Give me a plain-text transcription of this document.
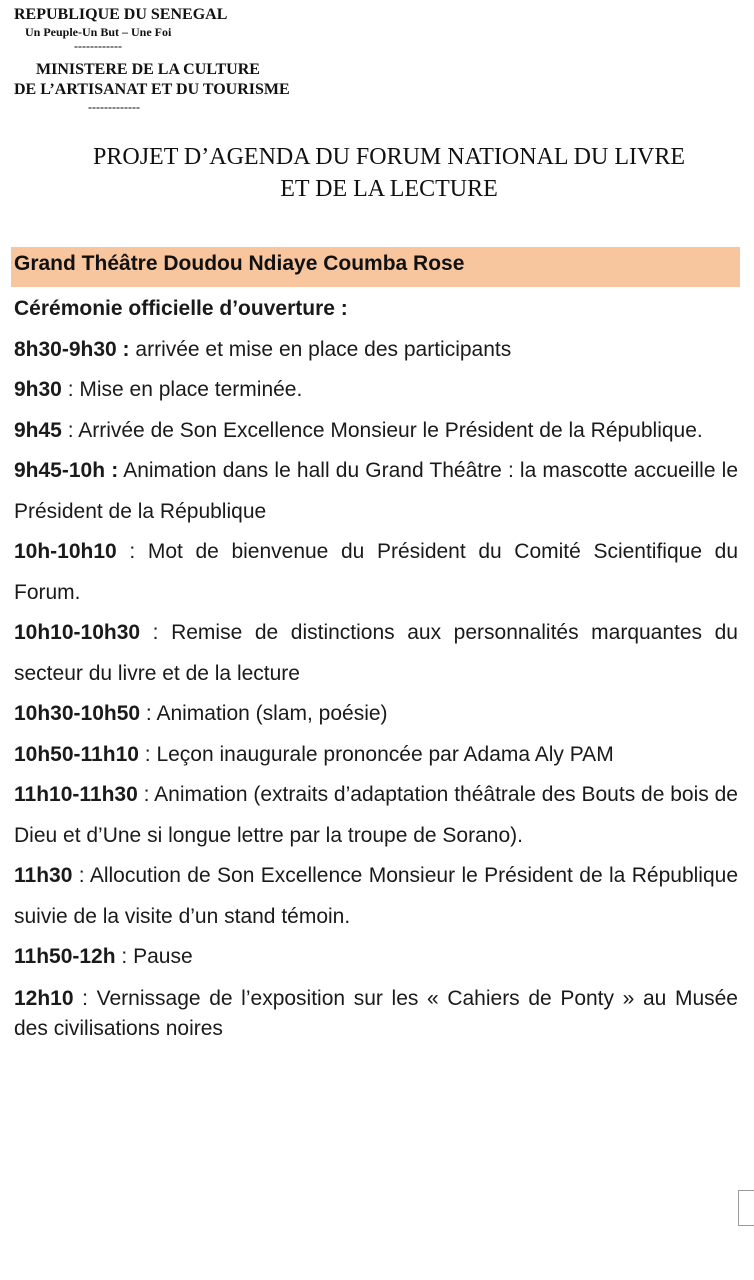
REPUBLIQUE DU SENEGAL
Un Peuple-Un But – Une Foi
------------
MINISTERE DE LA CULTURE
DE L’ARTISANAT ET DU TOURISME
-------------
PROJET D’AGENDA DU FORUM NATIONAL DU LIVRE
ET DE LA LECTURE
Grand Théâtre Doudou Ndiaye Coumba Rose

Cérémonie officielle d’ouverture :

8h30-9h30 : arrivée et mise en place des participants

9h30 : Mise en place terminée.

9h45 : Arrivée de Son Excellence Monsieur le Président de la République.

9h45-10h : Animation dans le hall du Grand Théâtre : la mascotte accueille le Président de la République

10h-10h10 : Mot de bienvenue du Président du Comité Scientifique du Forum.

10h10-10h30 : Remise de distinctions aux personnalités marquantes du secteur du livre et de la lecture

10h30-10h50 : Animation (slam, poésie)

10h50-11h10 : Leçon inaugurale prononcée par Adama Aly PAM

11h10-11h30 : Animation (extraits d’adaptation théâtrale des Bouts de bois de Dieu et d’Une si longue lettre par la troupe de Sorano).

11h30 : Allocution de Son Excellence Monsieur le Président de la République suivie de la visite d’un stand témoin.

11h50-12h : Pause

12h10 : Vernissage de l’exposition sur les « Cahiers de Ponty » au Musée des civilisations noires
